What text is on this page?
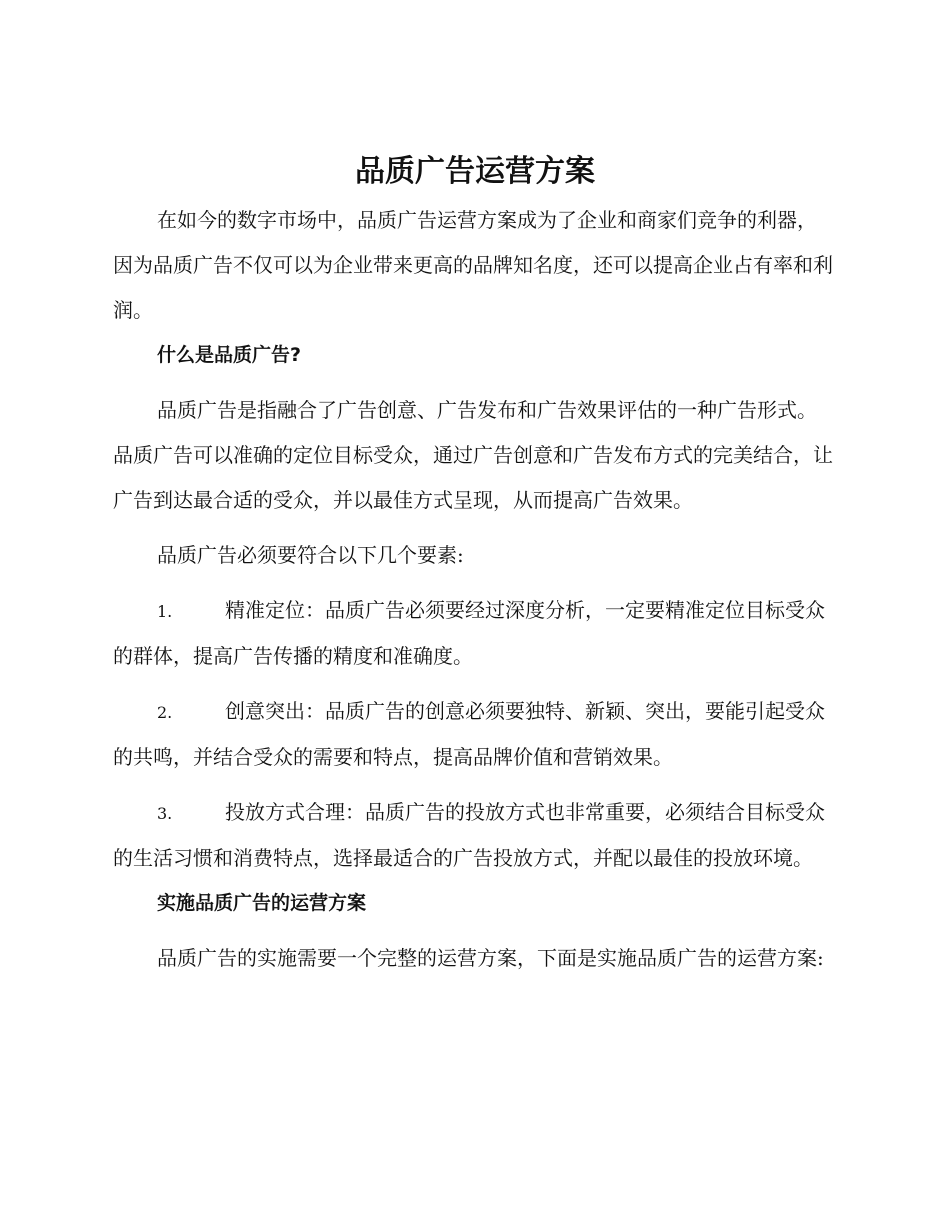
品质广告运营方案

在如今的数字市场中，品质广告运营方案成为了企业和商家们竞争的利器，因为品质广告不仅可以为企业带来更高的品牌知名度，还可以提高企业占有率和利润。

什么是品质广告?

品质广告是指融合了广告创意、广告发布和广告效果评估的一种广告形式。品质广告可以准确的定位目标受众，通过广告创意和广告发布方式的完美结合，让广告到达最合适的受众，并以最佳方式呈现，从而提高广告效果。

品质广告必须要符合以下几个要素:

1.	精准定位：品质广告必须要经过深度分析，一定要精准定位目标受众的群体，提高广告传播的精度和准确度。

2.	创意突出：品质广告的创意必须要独特、新颖、突出，要能引起受众的共鸣，并结合受众的需要和特点，提高品牌价值和营销效果。

3.	投放方式合理：品质广告的投放方式也非常重要，必须结合目标受众的生活习惯和消费特点，选择最适合的广告投放方式，并配以最佳的投放环境。

实施品质广告的运营方案

品质广告的实施需要一个完整的运营方案，下面是实施品质广告的运营方案:
